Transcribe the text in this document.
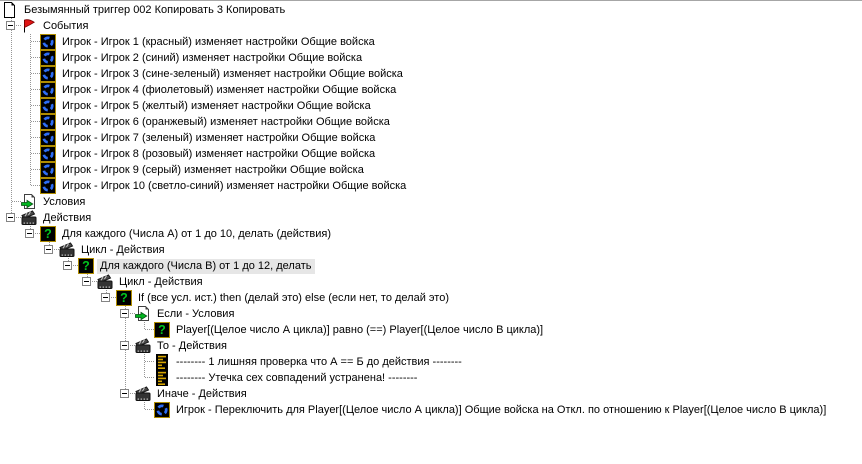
Безымянный триггер 002 Копировать 3 Копировать
События
Игрок - Игрок 1 (красный) изменяет настройки Общие войска
Игрок - Игрок 2 (синий) изменяет настройки Общие войска
Игрок - Игрок 3 (сине-зеленый) изменяет настройки Общие войска
Игрок - Игрок 4 (фиолетовый) изменяет настройки Общие войска
Игрок - Игрок 5 (желтый) изменяет настройки Общие войска
Игрок - Игрок 6 (оранжевый) изменяет настройки Общие войска
Игрок - Игрок 7 (зеленый) изменяет настройки Общие войска
Игрок - Игрок 8 (розовый) изменяет настройки Общие войска
Игрок - Игрок 9 (серый) изменяет настройки Общие войска
Игрок - Игрок 10 (светло-синий) изменяет настройки Общие войска
Условия
Действия
? Для каждого (Числа А) от 1 до 10, делать (действия)
Цикл - Действия
? Для каждого (Числа В) от 1 до 12, делать
Цикл - Действия
? If (все усл. ист.) then (делай это) else (если нет, то делай это)
Если - Условия
? Player[(Целое число А цикла)] равно (==) Player[(Целое число В цикла)]
То - Действия
-------- 1 лишняя проверка что А == Б до действия --------
-------- Утечка сех совпадений устранена! --------
Иначе - Действия
Игрок - Переключить для Player[(Целое число А цикла)] Общие войска на Откл. по отношению к Player[(Целое число В цикла)]
